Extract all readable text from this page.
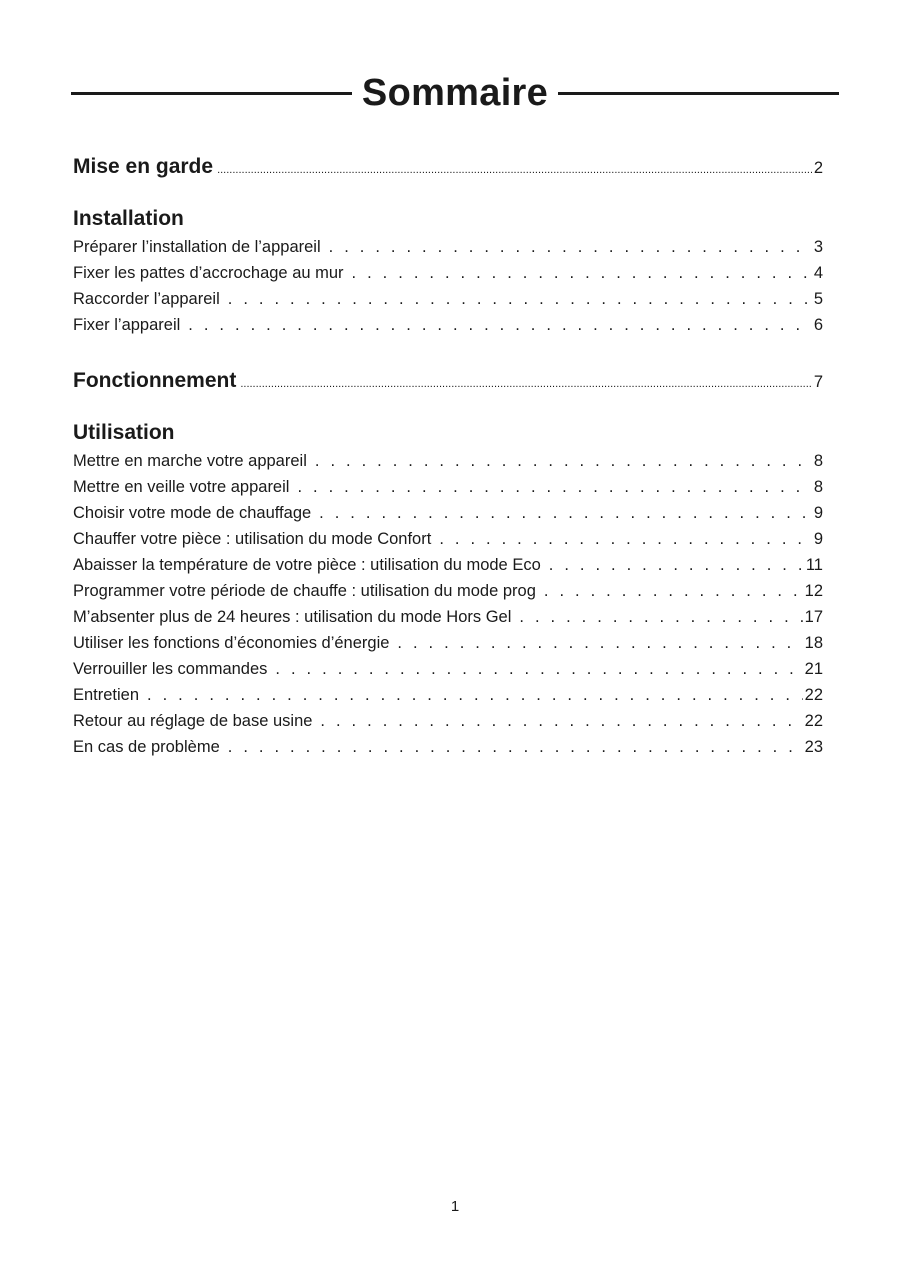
Sommaire
Mise en garde .....	2
Installation
Préparer l’installation de l’appareil . . .	3
Fixer les pattes d’accrochage au mur . . .	4
Raccorder l’appareil . . .	5
Fixer l’appareil . . .	6
Fonctionnement .....	7
Utilisation
Mettre en marche votre appareil . . .	8
Mettre en veille votre appareil . . .	8
Choisir votre mode de chauffage . . .	9
Chauffer votre pièce : utilisation du mode Confort . . .	9
Abaisser la température de votre pièce : utilisation du mode Eco . . .	11
Programmer votre période de chauffe : utilisation du mode prog . . .	12
M’absenter plus de 24 heures : utilisation du mode Hors Gel . . .	17
Utiliser les fonctions d’économies d’énergie . . .	18
Verrouiller les commandes . . .	21
Entretien . . .	22
Retour au réglage de base usine . . .	22
En cas de problème . . .	23
1
